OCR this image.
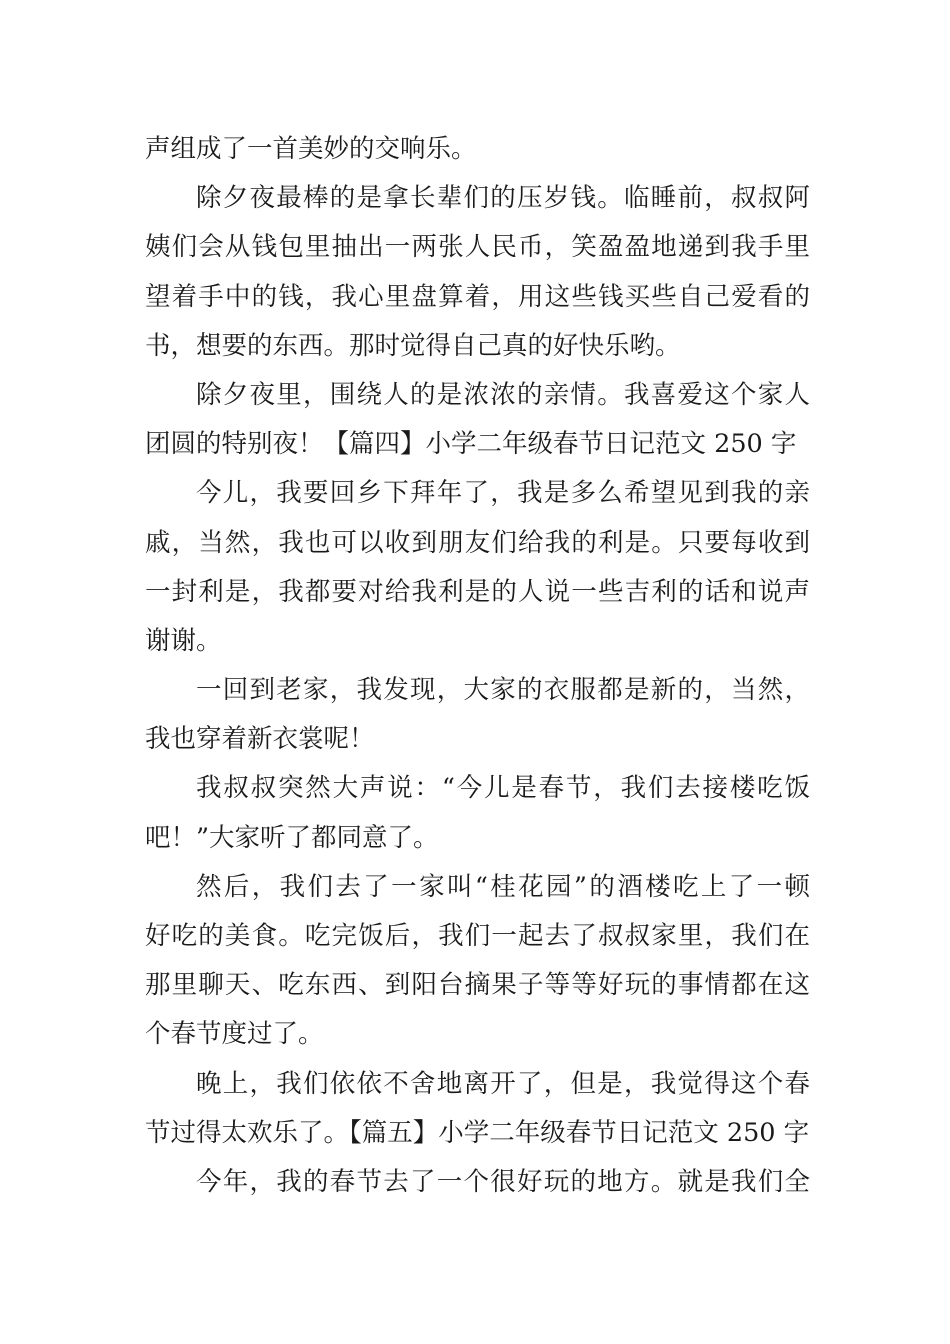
声组成了一首美妙的交响乐。
除夕夜最棒的是拿长辈们的压岁钱。临睡前，叔叔阿
姨们会从钱包里抽出一两张人民币，笑盈盈地递到我手里
望着手中的钱，我心里盘算着，用这些钱买些自己爱看的
书，想要的东西。那时觉得自己真的好快乐哟。
除夕夜里，围绕人的是浓浓的亲情。我喜爱这个家人
团圆的特别夜！【篇四】小学二年级春节日记范文 250 字
今儿，我要回乡下拜年了，我是多么希望见到我的亲
戚，当然，我也可以收到朋友们给我的利是。只要每收到
一封利是，我都要对给我利是的人说一些吉利的话和说声
谢谢。
一回到老家，我发现，大家的衣服都是新的，当然，
我也穿着新衣裳呢！
我叔叔突然大声说：“今儿是春节，我们去接楼吃饭
吧！”大家听了都同意了。
然后，我们去了一家叫“桂花园”的酒楼吃上了一顿
好吃的美食。吃完饭后，我们一起去了叔叔家里，我们在
那里聊天、吃东西、到阳台摘果子等等好玩的事情都在这
个春节度过了。
晚上，我们依依不舍地离开了，但是，我觉得这个春
节过得太欢乐了。【篇五】小学二年级春节日记范文 250 字
今年，我的春节去了一个很好玩的地方。就是我们全
